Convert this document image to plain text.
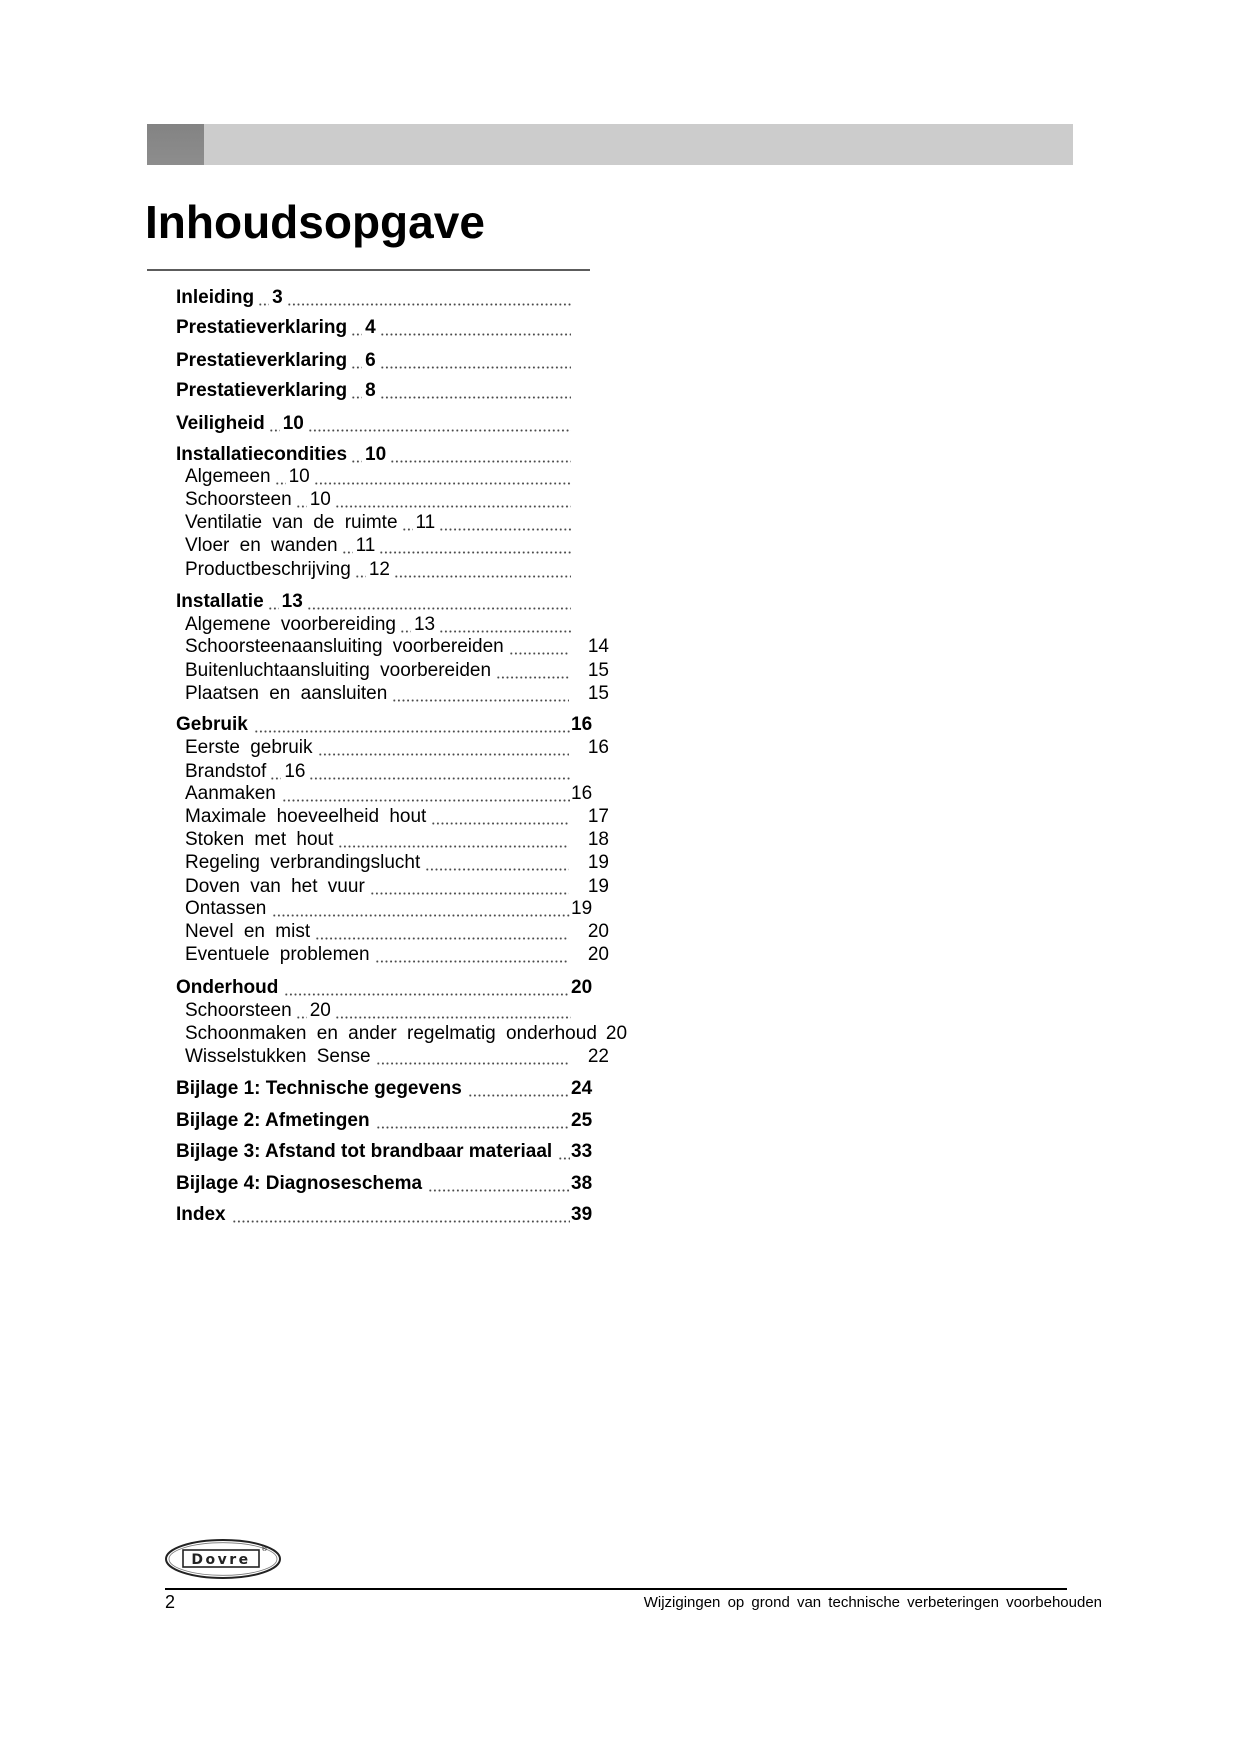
Inhoudsopgave
Inleiding 3
Prestatieverklaring 4
Prestatieverklaring 6
Prestatieverklaring 8
Veiligheid 10
Installatiecondities 10
Algemeen 10
Schoorsteen 10
Ventilatie van de ruimte 11
Vloer en wanden 11
Productbeschrijving 12
Installatie 13
Algemene voorbereiding 13
Schoorsteenaansluiting voorbereiden	14
Buitenluchtaansluiting voorbereiden	15
Plaatsen en aansluiten	15
Gebruik	16
Eerste gebruik	16
Brandstof 16
Aanmaken	16
Maximale hoeveelheid hout	17
Stoken met hout	18
Regeling verbrandingslucht	19
Doven van het vuur	19
Ontassen	19
Nevel en mist	20
Eventuele problemen	20
Onderhoud	20
Schoorsteen 20
Schoonmaken en ander regelmatig onderhoud 20
Wisselstukken Sense	22
Bijlage 1: Technische gegevens	24
Bijlage 2: Afmetingen	25
Bijlage 3: Afstand tot brandbaar materiaal 33
Bijlage 4: Diagnoseschema	38
Index	39
Dovre
®
2	Wijzigingen op grond van technische verbeteringen voorbehouden
